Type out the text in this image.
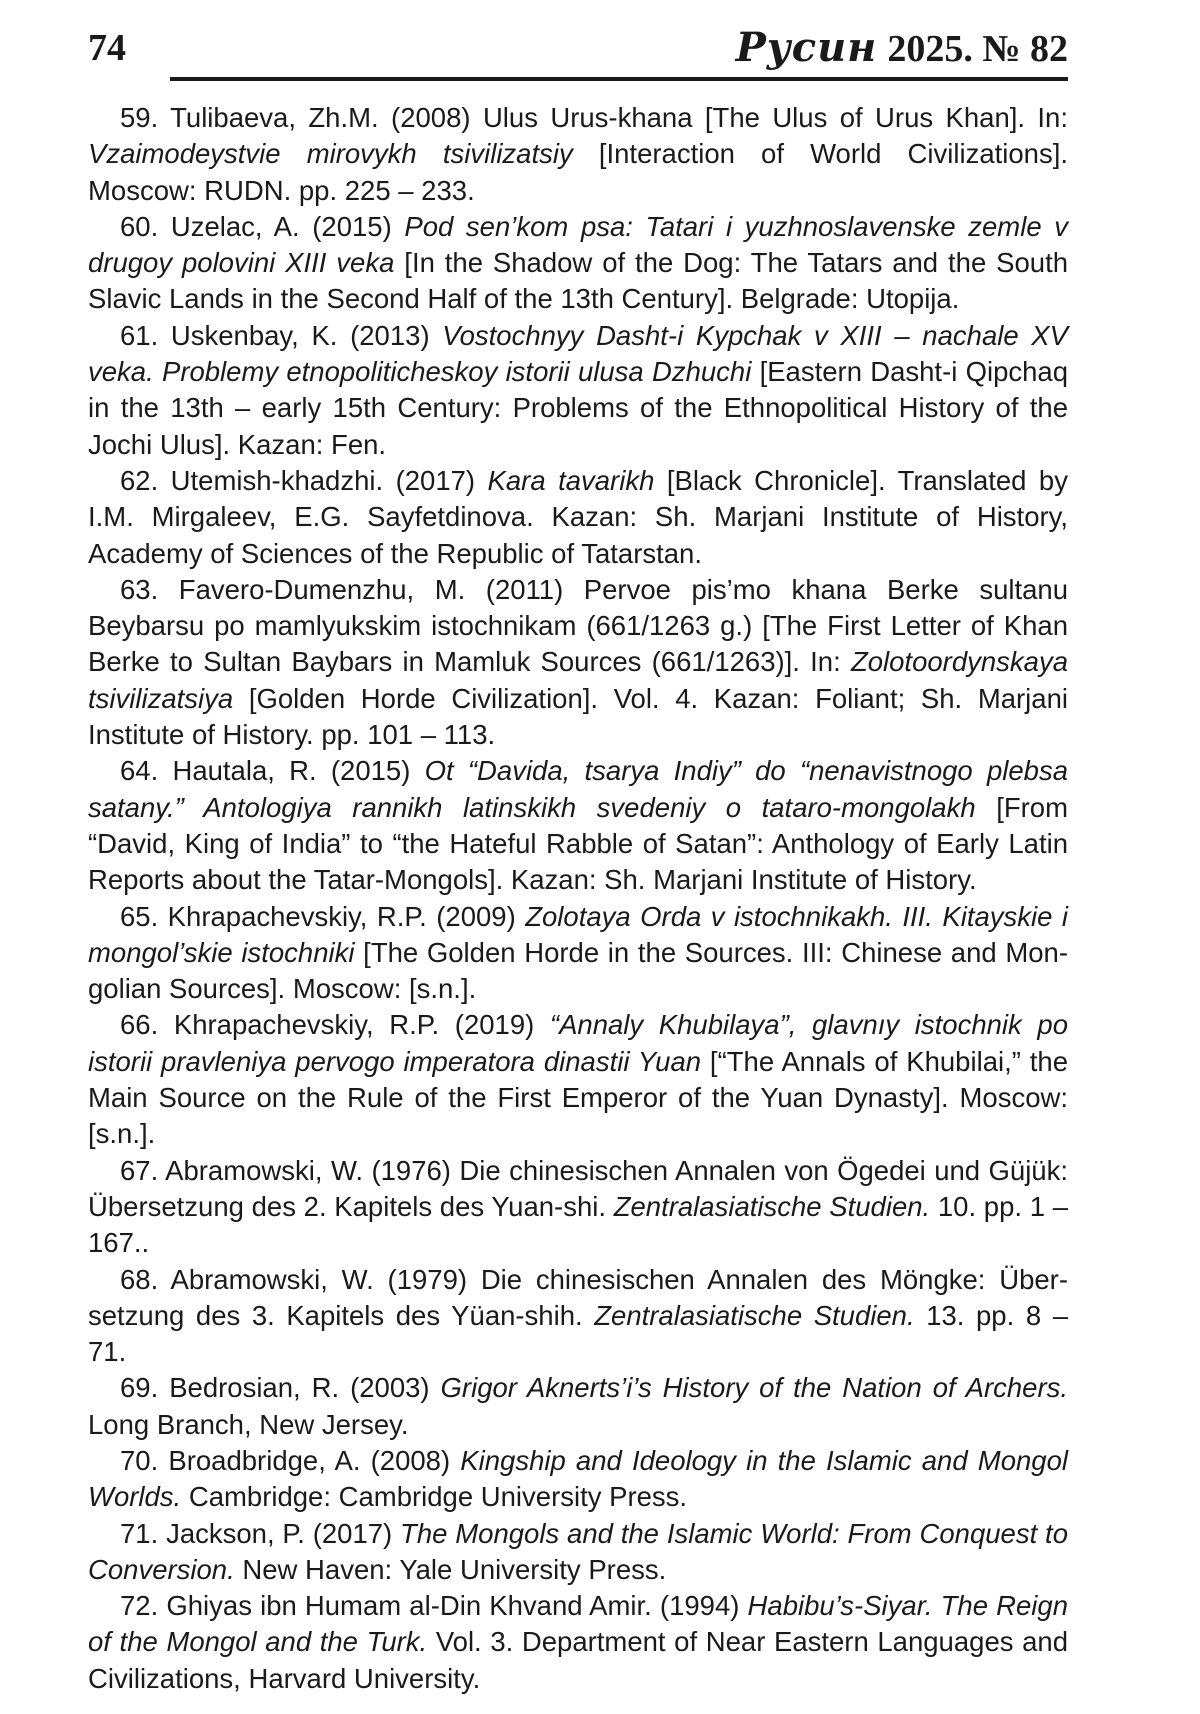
74	Русин 2025. № 82

59. Tulibaeva, Zh.M. (2008) Ulus Urus-khana [The Ulus of Urus Khan]. In: Vzaimodeystvie mirovykh tsivilizatsiy [Interaction of World Civilizations]. Moscow: RUDN. pp. 225 – 233.

60. Uzelac, A. (2015) Pod sen’kom psa: Tatari i yuzhnoslavenske zemle v drugoy polovini XIII veka [In the Shadow of the Dog: The Tatars and the South Slavic Lands in the Second Half of the 13th Century]. Belgrade: Utopija.

61. Uskenbay, K. (2013) Vostochnyy Dasht-i Kypchak v XIII – nachale XV veka. Problemy etnopoliticheskoy istorii ulusa Dzhuchi [Eastern Dasht-i Qipchaq in the 13th – early 15th Century: Problems of the Ethnopolitical History of the Jochi Ulus]. Kazan: Fen.

62. Utemish-khadzhi. (2017) Kara tavarikh [Black Chronicle]. Translated by I.M. Mirgaleev, E.G. Sayfetdinova. Kazan: Sh. Marjani Institute of History, Academy of Sciences of the Republic of Tatarstan.

63. Favero-Dumenzhu, M. (2011) Pervoe pis’mo khana Berke sultanu Beybarsu po mamlyukskim istochnikam (661/1263 g.) [The First Letter of Khan Berke to Sultan Baybars in Mamluk Sources (661/1263)]. In: Zolotoordynskaya tsivilizatsiya [Golden Horde Civilization]. Vol. 4. Kazan: Foliant; Sh. Marjani Institute of History. pp. 101 – 113.

64. Hautala, R. (2015) Ot “Davida, tsarya Indiy” do “nenavistnogo plebsa satany.” Antologiya rannikh latinskikh svedeniy o tataro-mongolakh [From “David, King of India” to “the Hateful Rabble of Satan”: Anthology of Early Latin Reports about the Tatar-Mongols]. Kazan: Sh. Marjani Institute of History.

65. Khrapachevskiy, R.P. (2009) Zolotaya Orda v istochnikakh. III. Kitayskie i mongol’skie istochniki [The Golden Horde in the Sources. III: Chinese and Mongolian Sources]. Moscow: [s.n.].

66. Khrapachevskiy, R.P. (2019) “Annaly Khubilaya”, glavnıy istochnik po istorii pravleniya pervogo imperatora dinastii Yuan [“The Annals of Khubilai,” the Main Source on the Rule of the First Emperor of the Yuan Dynasty]. Moscow: [s.n.].

67. Abramowski, W. (1976) Die chinesischen Annalen von Ögedei und Güjük: Übersetzung des 2. Kapitels des Yuan-shi. Zentralasiatische Studien. 10. pp. 1 – 167..

68. Abramowski, W. (1979) Die chinesischen Annalen des Möngke: Übersetzung des 3. Kapitels des Yüan-shih. Zentralasiatische Studien. 13. pp. 8 – 71.

69. Bedrosian, R. (2003) Grigor Aknerts’i’s History of the Nation of Archers. Long Branch, New Jersey.

70. Broadbridge, A. (2008) Kingship and Ideology in the Islamic and Mongol Worlds. Cambridge: Cambridge University Press.

71. Jackson, P. (2017) The Mongols and the Islamic World: From Conquest to Conversion. New Haven: Yale University Press.

72. Ghiyas ibn Humam al-Din Khvand Amir. (1994) Habibu’s-Siyar. The Reign of the Mongol and the Turk. Vol. 3. Department of Near Eastern Languages and Civilizations, Harvard University.
